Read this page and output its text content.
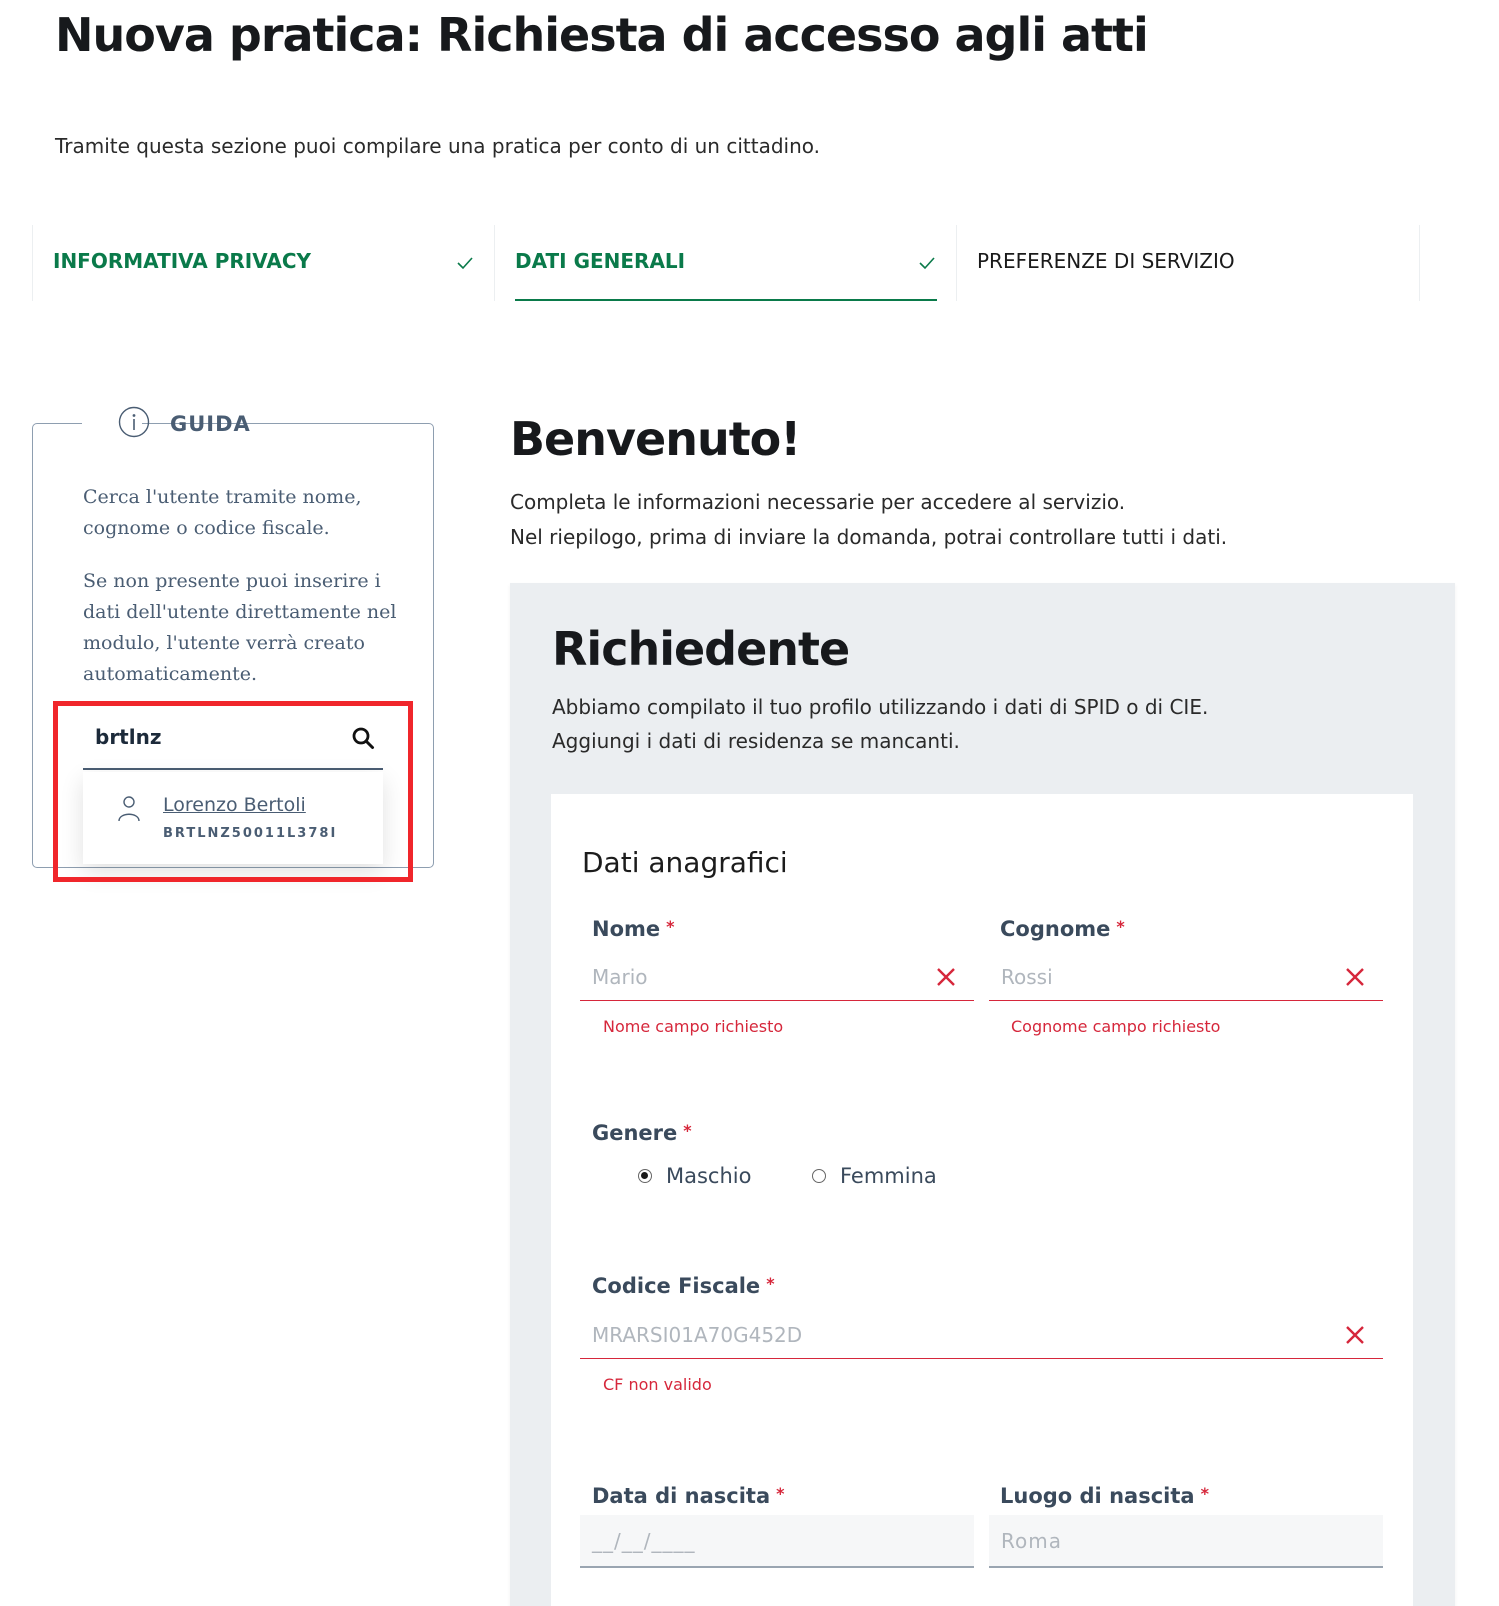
Nuova pratica: Richiesta di accesso agli atti
Tramite questa sezione puoi compilare una pratica per conto di un cittadino.
INFORMATIVA PRIVACY	DATI GENERALI	PREFERENZE DI SERVIZIO
GUIDA
Cerca l'utente tramite nome, cognome o codice fiscale.
Se non presente puoi inserire i dati dell'utente direttamente nel modulo, l'utente verrà creato automaticamente.
brtlnz
Lorenzo Bertoli
BRTLNZ50011L378I
Benvenuto!
Completa le informazioni necessarie per accedere al servizio.
Nel riepilogo, prima di inviare la domanda, potrai controllare tutti i dati.
Richiedente
Abbiamo compilato il tuo profilo utilizzando i dati di SPID o di CIE.
Aggiungi i dati di residenza se mancanti.
Dati anagrafici
Nome *
Mario
Nome campo richiesto
Cognome *
Rossi
Cognome campo richiesto
Genere *
Maschio	Femmina
Codice Fiscale *
MRARSI01A70G452D
CF non valido
Data di nascita *
__/__/____
Luogo di nascita *
Roma
